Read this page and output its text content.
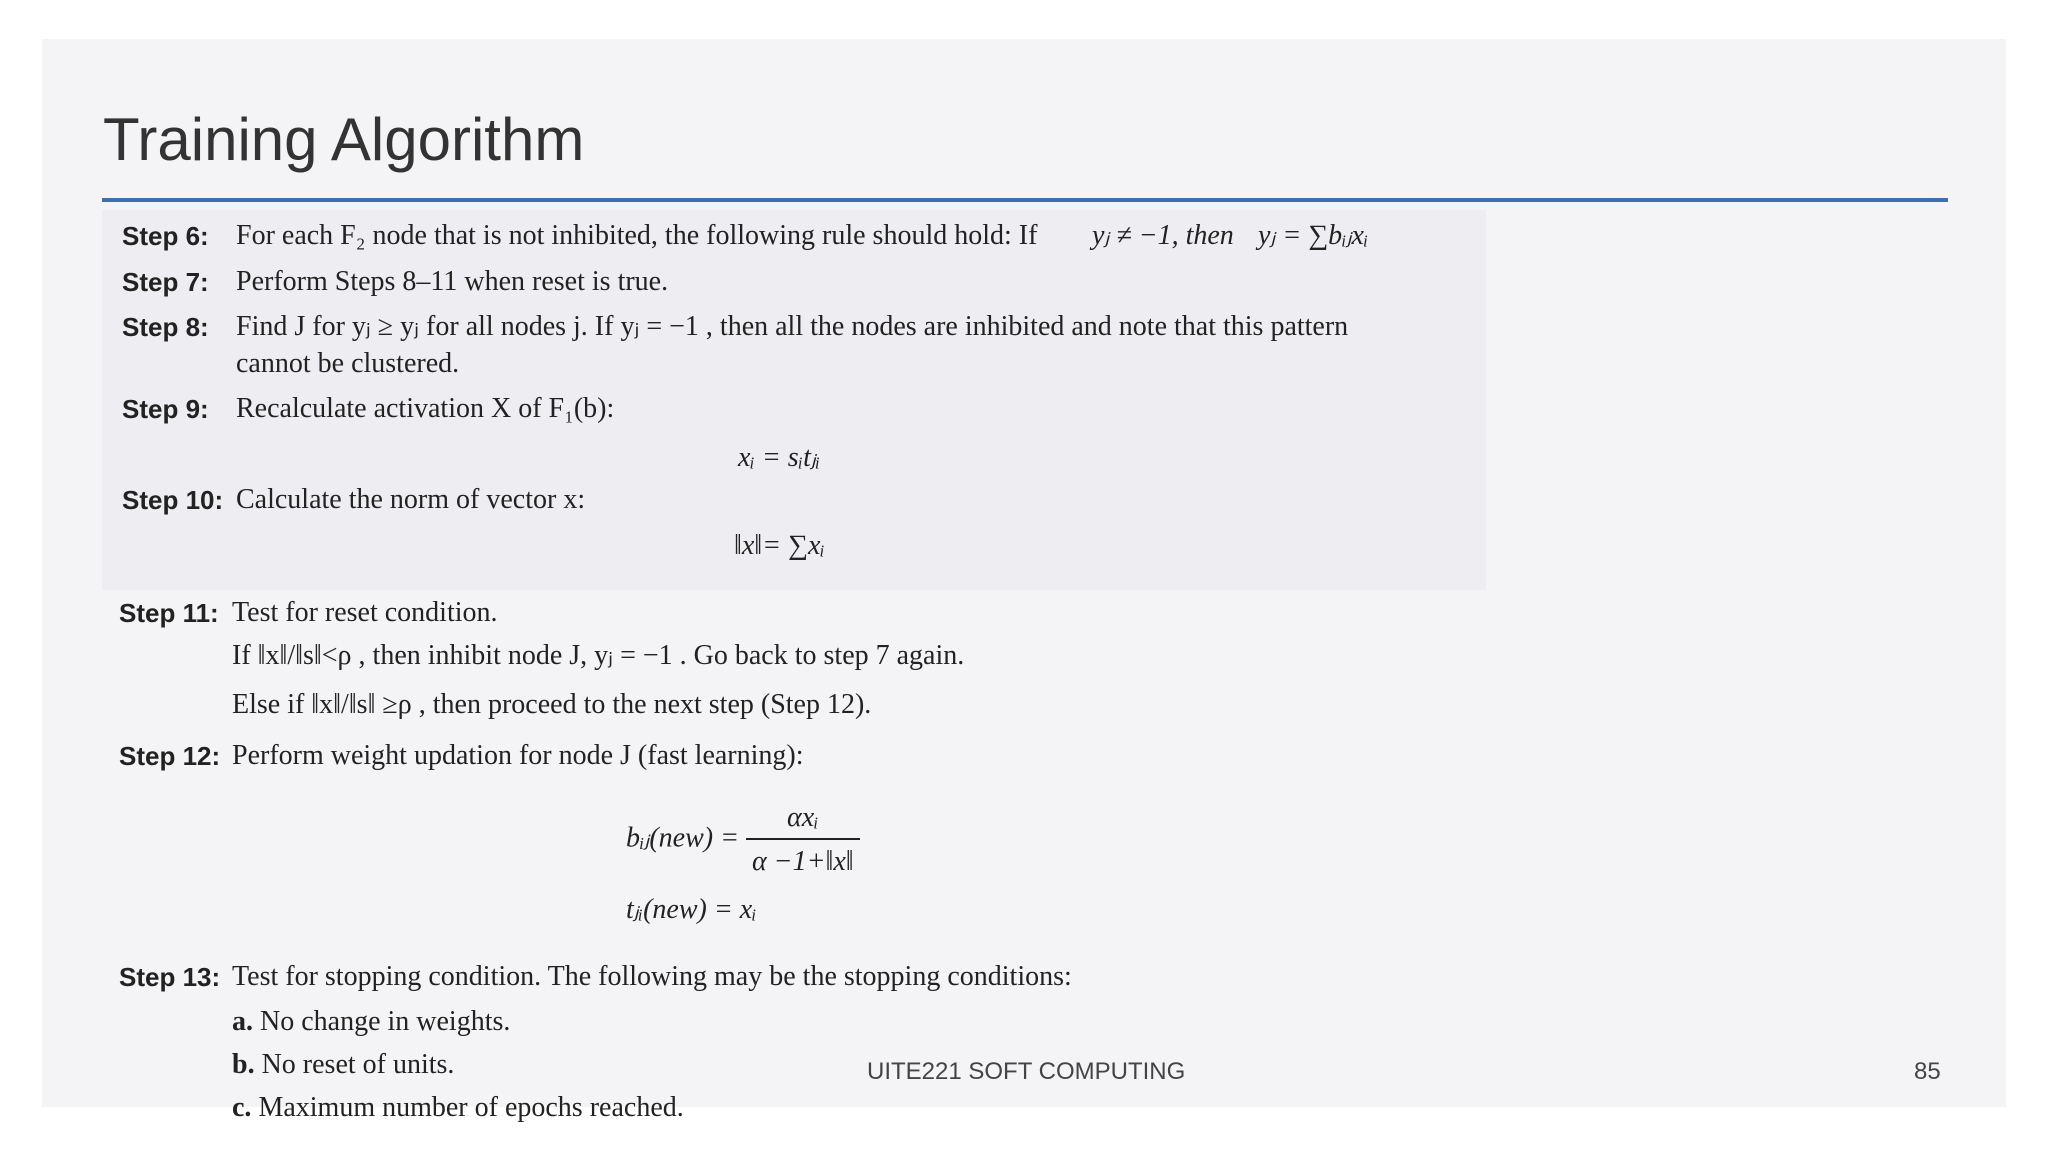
Training Algorithm
Step 6: For each F₂ node that is not inhibited, the following rule should hold: If yⱼ ≠ −1, then yⱼ = ∑bᵢⱼxᵢ
Step 7: Perform Steps 8–11 when reset is true.
Step 8: Find J for yⱼ ≥ yⱼ for all nodes j. If yⱼ = −1 , then all the nodes are inhibited and note that this pattern
cannot be clustered.
Step 9: Recalculate activation X of F₁(b):
xᵢ = sᵢtⱼᵢ
Step 10: Calculate the norm of vector x:
‖x‖= ∑xᵢ
Step 11: Test for reset condition.
If ‖x‖/‖s‖<ρ , then inhibit node J, yⱼ = −1 . Go back to step 7 again.
Else if ‖x‖/‖s‖ ≥ρ , then proceed to the next step (Step 12).
Step 12: Perform weight updation for node J (fast learning):
bᵢⱼ(new) = $\frac{\text{αxᵢ}}{\alpha -1+‖x‖}$
tⱼᵢ(new) = xᵢ
Step 13: Test for stopping condition. The following may be the stopping conditions:
a. No change in weights.
b. No reset of units.
c. Maximum number of epochs reached.
UITE221 SOFT COMPUTING	85
